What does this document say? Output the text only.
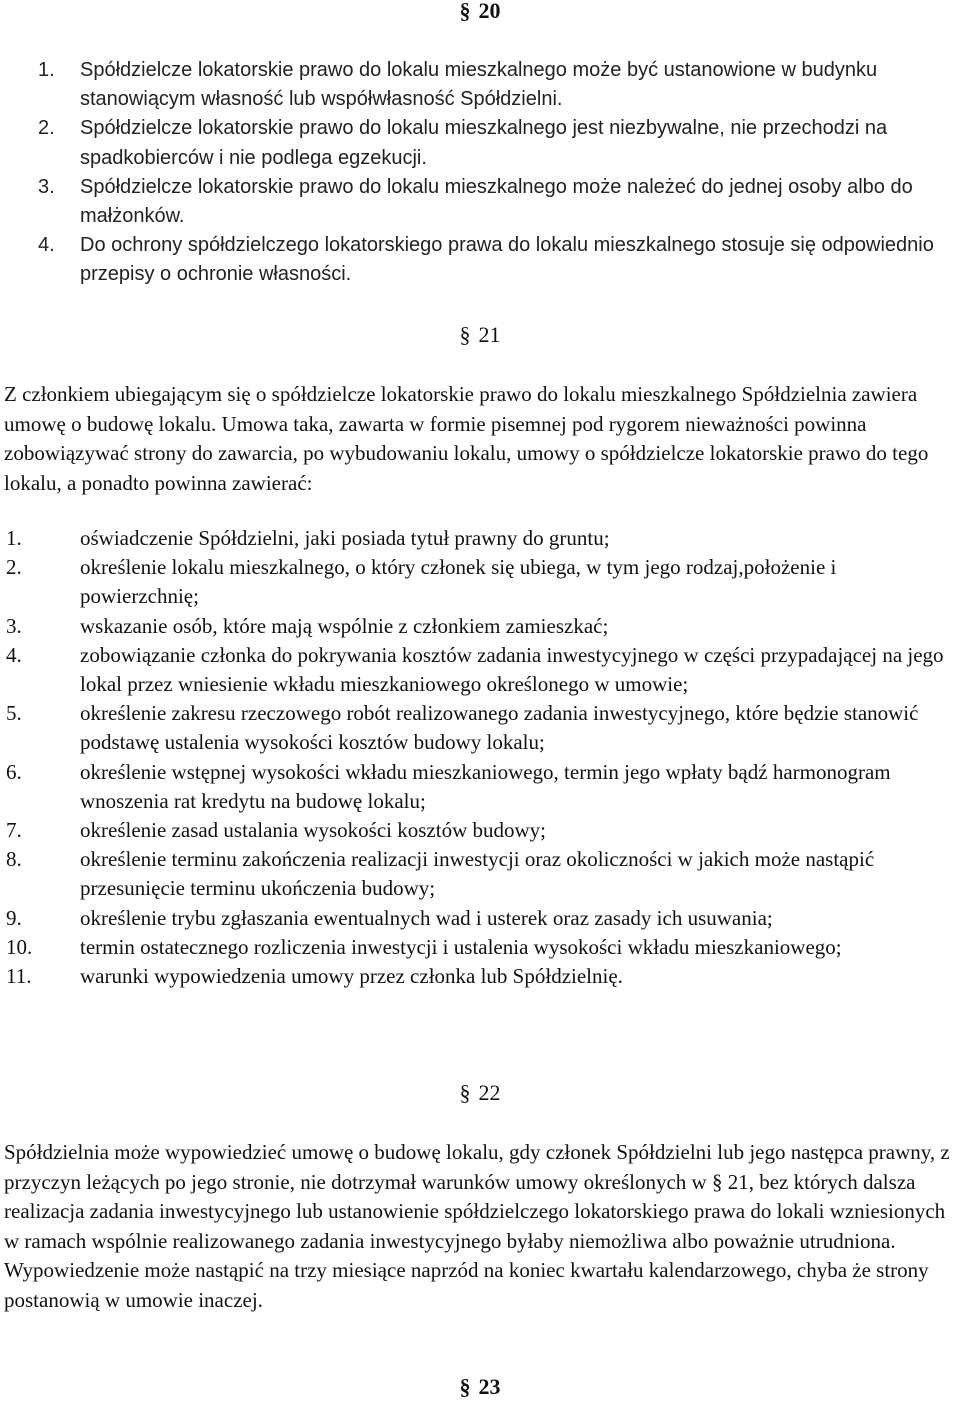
§ 20
1. Spółdzielcze lokatorskie prawo do lokalu mieszkalnego może być ustanowione w budynku stanowiącym własność lub współwłasność Spółdzielni.
2. Spółdzielcze lokatorskie prawo do lokalu mieszkalnego jest niezbywalne, nie przechodzi na spadkobierców i nie podlega egzekucji.
3. Spółdzielcze lokatorskie prawo do lokalu mieszkalnego może należeć do jednej osoby albo do małżonków.
4. Do ochrony spółdzielczego lokatorskiego prawa do lokalu mieszkalnego stosuje się odpowiednio przepisy o ochronie własności.
§ 21

Z członkiem ubiegającym się o spółdzielcze lokatorskie prawo do lokalu mieszkalnego Spółdzielnia zawiera umowę o budowę lokalu. Umowa taka, zawarta w formie pisemnej pod rygorem nieważności powinna zobowiązywać strony do zawarcia, po wybudowaniu lokalu, umowy o spółdzielcze lokatorskie prawo do tego lokalu, a ponadto powinna zawierać:

1.	oświadczenie Spółdzielni, jaki posiada tytuł prawny do gruntu;
2.	określenie lokalu mieszkalnego, o który członek się ubiega, w tym jego rodzaj,położenie i powierzchnię;
3.	wskazanie osób, które mają wspólnie z członkiem zamieszkać;
4.	zobowiązanie członka do pokrywania kosztów zadania inwestycyjnego w części przypadającej na jego lokal przez wniesienie wkładu mieszkaniowego określonego w umowie;
5.	określenie zakresu rzeczowego robót realizowanego zadania inwestycyjnego, które będzie stanowić podstawę ustalenia wysokości kosztów budowy lokalu;
6.	określenie wstępnej wysokości wkładu mieszkaniowego, termin jego wpłaty bądź harmonogram wnoszenia rat kredytu na budowę lokalu;
7.	określenie zasad ustalania wysokości kosztów budowy;
8.	określenie terminu zakończenia realizacji inwestycji oraz okoliczności w jakich może nastąpić przesunięcie terminu ukończenia budowy;
9.	określenie trybu zgłaszania ewentualnych wad i usterek oraz zasady ich usuwania;
10. termin ostatecznego rozliczenia inwestycji i ustalenia wysokości wkładu mieszkaniowego;
11. warunki wypowiedzenia umowy przez członka lub Spółdzielnię.
§ 22

Spółdzielnia może wypowiedzieć umowę o budowę lokalu, gdy członek Spółdzielni lub jego następca prawny, z przyczyn leżących po jego stronie, nie dotrzymał warunków umowy określonych w § 21, bez których dalsza realizacja zadania inwestycyjnego lub ustanowienie spółdzielczego lokatorskiego prawa do lokali wzniesionych w ramach wspólnie realizowanego zadania inwestycyjnego byłaby niemożliwa albo poważnie utrudniona. Wypowiedzenie może nastąpić na trzy miesiące naprzód na koniec kwartału kalendarzowego, chyba że strony postanowią w umowie inaczej.

§ 23
